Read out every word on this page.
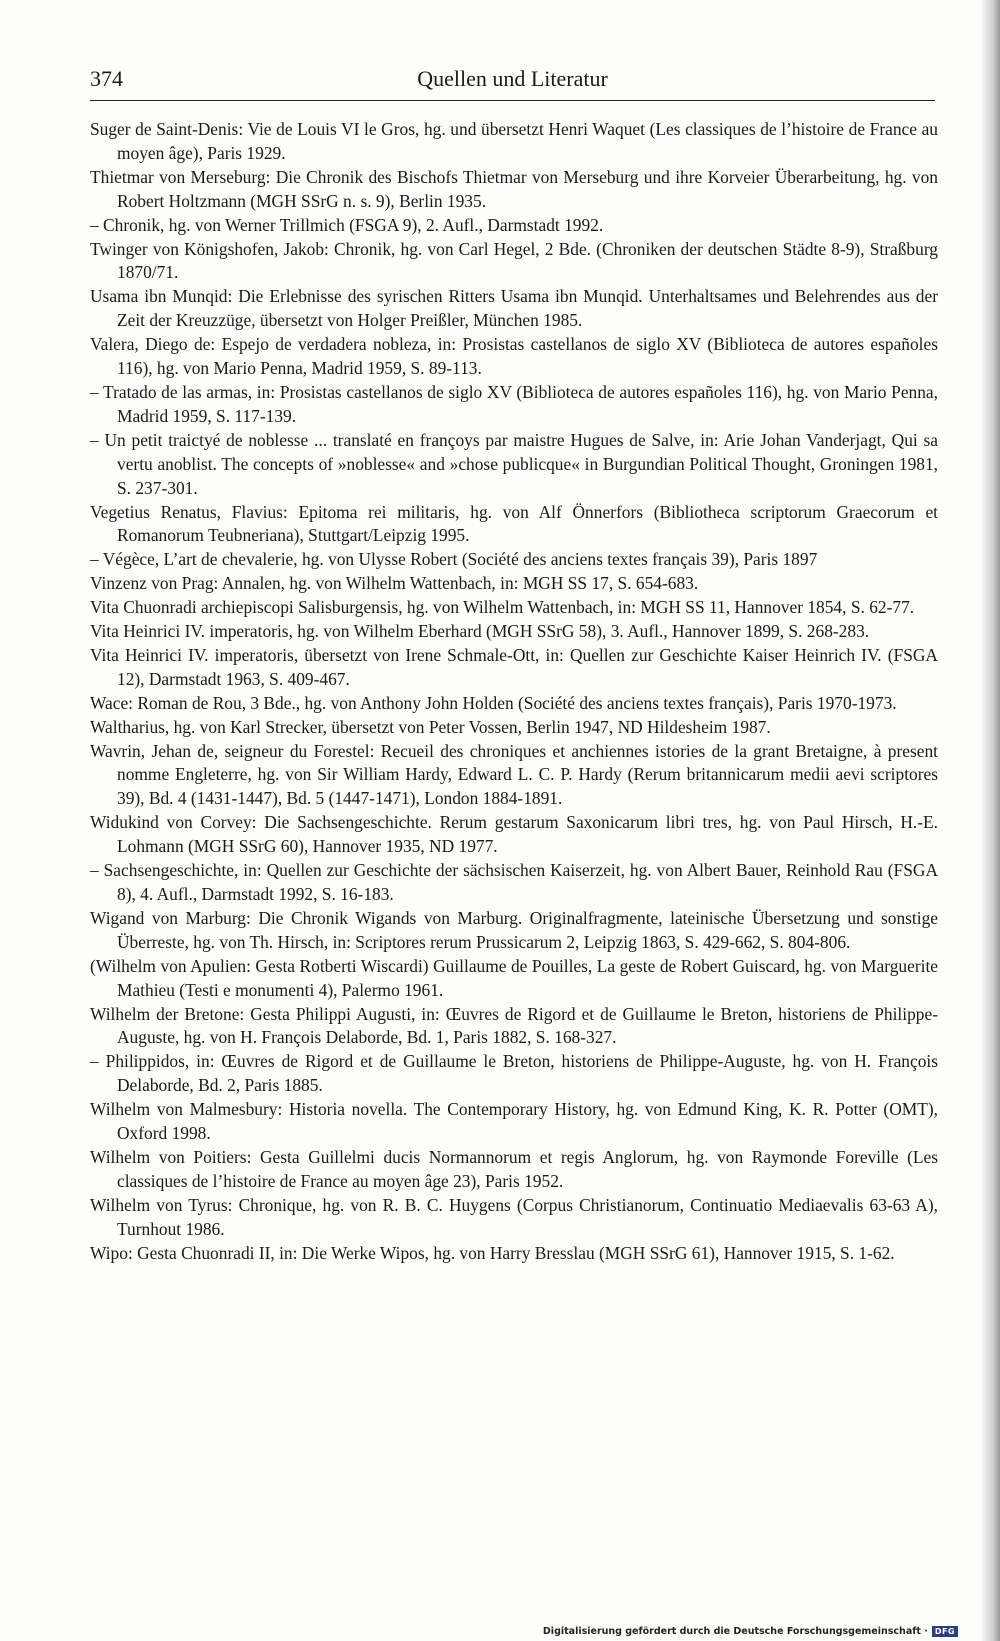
374	Quellen und Literatur

Suger de Saint-Denis: Vie de Louis VI le Gros, hg. und übersetzt Henri Waquet (Les classiques de l’histoire de France au moyen âge), Paris 1929.

Thietmar von Merseburg: Die Chronik des Bischofs Thietmar von Merseburg und ihre Korveier Überarbeitung, hg. von Robert Holtzmann (MGH SSrG n. s. 9), Berlin 1935.

– Chronik, hg. von Werner Trillmich (FSGA 9), 2. Aufl., Darmstadt 1992.

Twinger von Königshofen, Jakob: Chronik, hg. von Carl Hegel, 2 Bde. (Chroniken der deutschen Städte 8-9), Straßburg 1870/71.

Usama ibn Munqid: Die Erlebnisse des syrischen Ritters Usama ibn Munqid. Unterhaltsames und Belehrendes aus der Zeit der Kreuzzüge, übersetzt von Holger Preißler, München 1985.

Valera, Diego de: Espejo de verdadera nobleza, in: Prosistas castellanos de siglo XV (Biblioteca de autores españoles 116), hg. von Mario Penna, Madrid 1959, S. 89-113.

– Tratado de las armas, in: Prosistas castellanos de siglo XV (Biblioteca de autores españoles 116), hg. von Mario Penna, Madrid 1959, S. 117-139.

– Un petit traictyé de noblesse ... translaté en françoys par maistre Hugues de Salve, in: Arie Johan Vanderjagt, Qui sa vertu anoblist. The concepts of »noblesse« and »chose publicque« in Burgundian Political Thought, Groningen 1981, S. 237-301.

Vegetius Renatus, Flavius: Epitoma rei militaris, hg. von Alf Önnerfors (Bibliotheca scriptorum Graecorum et Romanorum Teubneriana), Stuttgart/Leipzig 1995.

– Végèce, L’art de chevalerie, hg. von Ulysse Robert (Société des anciens textes français 39), Paris 1897

Vinzenz von Prag: Annalen, hg. von Wilhelm Wattenbach, in: MGH SS 17, S. 654-683.

Vita Chuonradi archiepiscopi Salisburgensis, hg. von Wilhelm Wattenbach, in: MGH SS 11, Hannover 1854, S. 62-77.

Vita Heinrici IV. imperatoris, hg. von Wilhelm Eberhard (MGH SSrG 58), 3. Aufl., Hannover 1899, S. 268-283.

Vita Heinrici IV. imperatoris, übersetzt von Irene Schmale-Ott, in: Quellen zur Geschichte Kaiser Heinrich IV. (FSGA 12), Darmstadt 1963, S. 409-467.

Wace: Roman de Rou, 3 Bde., hg. von Anthony John Holden (Société des anciens textes français), Paris 1970-1973.

Waltharius, hg. von Karl Strecker, übersetzt von Peter Vossen, Berlin 1947, ND Hildesheim 1987.

Wavrin, Jehan de, seigneur du Forestel: Recueil des chroniques et anchiennes istories de la grant Bretaigne, à present nomme Engleterre, hg. von Sir William Hardy, Edward L. C. P. Hardy (Rerum britannicarum medii aevi scriptores 39), Bd. 4 (1431-1447), Bd. 5 (1447-1471), London 1884-1891.

Widukind von Corvey: Die Sachsengeschichte. Rerum gestarum Saxonicarum libri tres, hg. von Paul Hirsch, H.-E. Lohmann (MGH SSrG 60), Hannover 1935, ND 1977.

– Sachsengeschichte, in: Quellen zur Geschichte der sächsischen Kaiserzeit, hg. von Albert Bauer, Reinhold Rau (FSGA 8), 4. Aufl., Darmstadt 1992, S. 16-183.

Wigand von Marburg: Die Chronik Wigands von Marburg. Originalfragmente, lateinische Übersetzung und sonstige Überreste, hg. von Th. Hirsch, in: Scriptores rerum Prussicarum 2, Leipzig 1863, S. 429-662, S. 804-806.

(Wilhelm von Apulien: Gesta Rotberti Wiscardi) Guillaume de Pouilles, La geste de Robert Guiscard, hg. von Marguerite Mathieu (Testi e monumenti 4), Palermo 1961.

Wilhelm der Bretone: Gesta Philippi Augusti, in: Œuvres de Rigord et de Guillaume le Breton, historiens de Philippe-Auguste, hg. von H. François Delaborde, Bd. 1, Paris 1882, S. 168-327.

– Philippidos, in: Œuvres de Rigord et de Guillaume le Breton, historiens de Philippe-Auguste, hg. von H. François Delaborde, Bd. 2, Paris 1885.

Wilhelm von Malmesbury: Historia novella. The Contemporary History, hg. von Edmund King, K. R. Potter (OMT), Oxford 1998.

Wilhelm von Poitiers: Gesta Guillelmi ducis Normannorum et regis Anglorum, hg. von Raymonde Foreville (Les classiques de l’histoire de France au moyen âge 23), Paris 1952.

Wilhelm von Tyrus: Chronique, hg. von R. B. C. Huygens (Corpus Christianorum, Continuatio Mediaevalis 63-63 A), Turnhout 1986.

Wipo: Gesta Chuonradi II, in: Die Werke Wipos, hg. von Harry Bresslau (MGH SSrG 61), Hannover 1915, S. 1-62.

Digitalisierung gefördert durch die Deutsche Forschungsgemeinschaft · DFG
